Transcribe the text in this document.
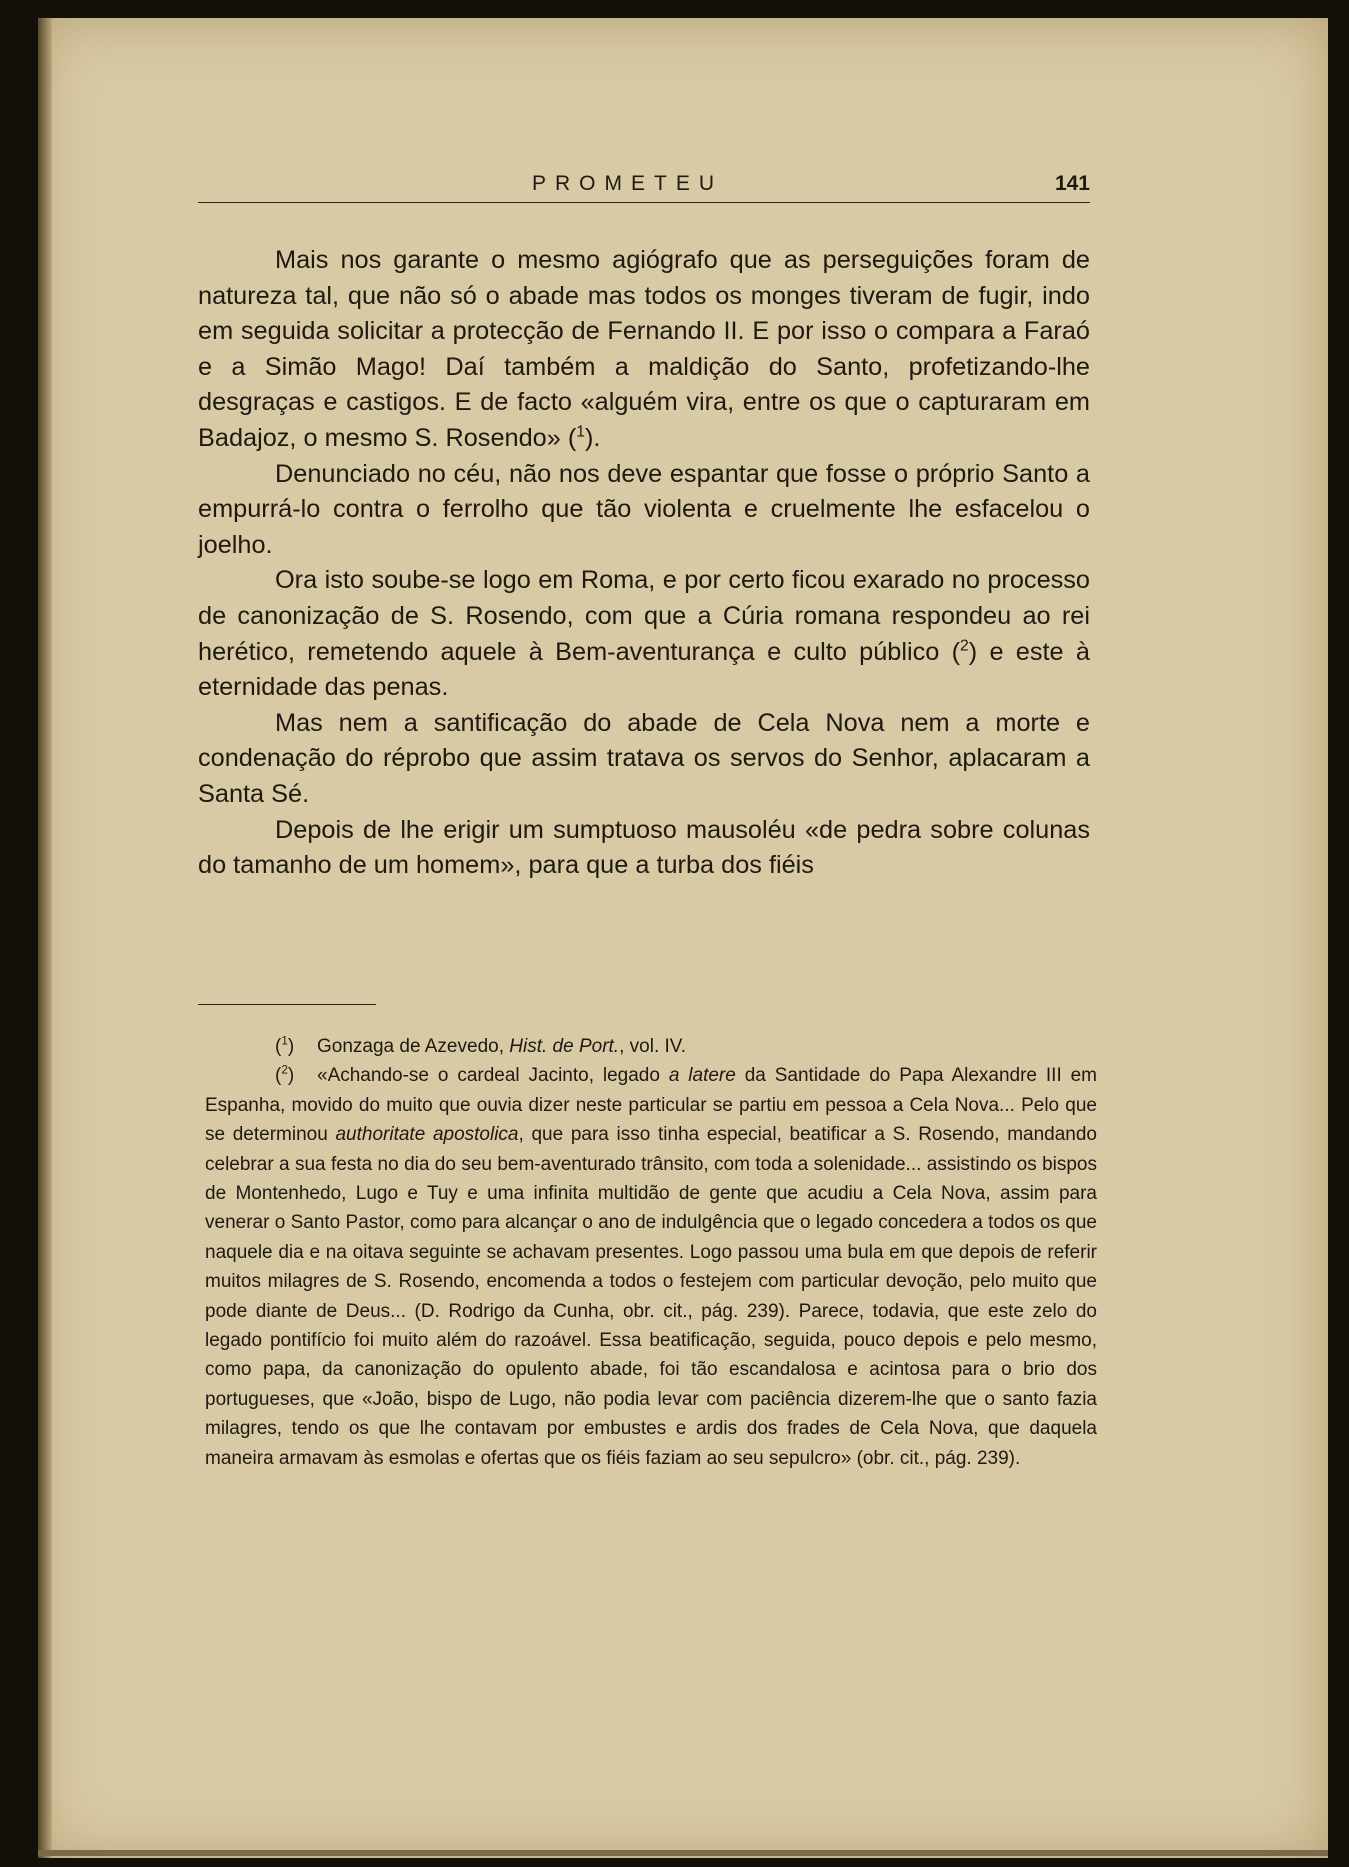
PROMETEU	141

Mais nos garante o mesmo agiógrafo que as perseguições foram de natureza tal, que não só o abade mas todos os monges tiveram de fugir, indo em seguida solicitar a protecção de Fernando II. E por isso o compara a Faraó e a Simão Mago! Daí também a maldição do Santo, profetizando-lhe desgraças e castigos. E de facto «alguém vira, entre os que o capturaram em Badajoz, o mesmo S. Rosendo» ($^1$).

Denunciado no céu, não nos deve espantar que fosse o próprio Santo a empurrá-lo contra o ferrolho que tão violenta e cruelmente lhe esfacelou o joelho.

Ora isto soube-se logo em Roma, e por certo ficou exarado no processo de canonização de S. Rosendo, com que a Cúria romana respondeu ao rei herético, remetendo aquele à Bem-aventurança e culto público ($^2$) e este à eternidade das penas.

Mas nem a santificação do abade de Cela Nova nem a morte e condenação do réprobo que assim tratava os servos do Senhor, aplacaram a Santa Sé.

Depois de lhe erigir um sumptuoso mausoléu «de pedra sobre colunas do tamanho de um homem», para que a turba dos fiéis

($^1$) Gonzaga de Azevedo, Hist. de Port., vol. IV.

($^2$) «Achando-se o cardeal Jacinto, legado a latere da Santidade do Papa Alexandre III em Espanha, movido do muito que ouvia dizer neste particular se partiu em pessoa a Cela Nova... Pelo que se determinou authoritate apostolica, que para isso tinha especial, beatificar a S. Rosendo, mandando celebrar a sua festa no dia do seu bem-aventurado trânsito, com toda a solenidade... assistindo os bispos de Montenhedo, Lugo e Tuy e uma infinita multidão de gente que acudiu a Cela Nova, assim para venerar o Santo Pastor, como para alcançar o ano de indulgência que o legado concedera a todos os que naquele dia e na oitava seguinte se achavam presentes. Logo passou uma bula em que depois de referir muitos milagres de S. Rosendo, encomenda a todos o festejem com particular devoção, pelo muito que pode diante de Deus... (D. Rodrigo da Cunha, obr. cit., pág. 239). Parece, todavia, que este zelo do legado pontifício foi muito além do razoável. Essa beatificação, seguida, pouco depois e pelo mesmo, como papa, da canonização do opulento abade, foi tão escandalosa e acintosa para o brio dos portugueses, que «João, bispo de Lugo, não podia levar com paciência dizerem-lhe que o santo fazia milagres, tendo os que lhe contavam por embustes e ardis dos frades de Cela Nova, que daquela maneira armavam às esmolas e ofertas que os fiéis faziam ao seu sepulcro» (obr. cit., pág. 239).
